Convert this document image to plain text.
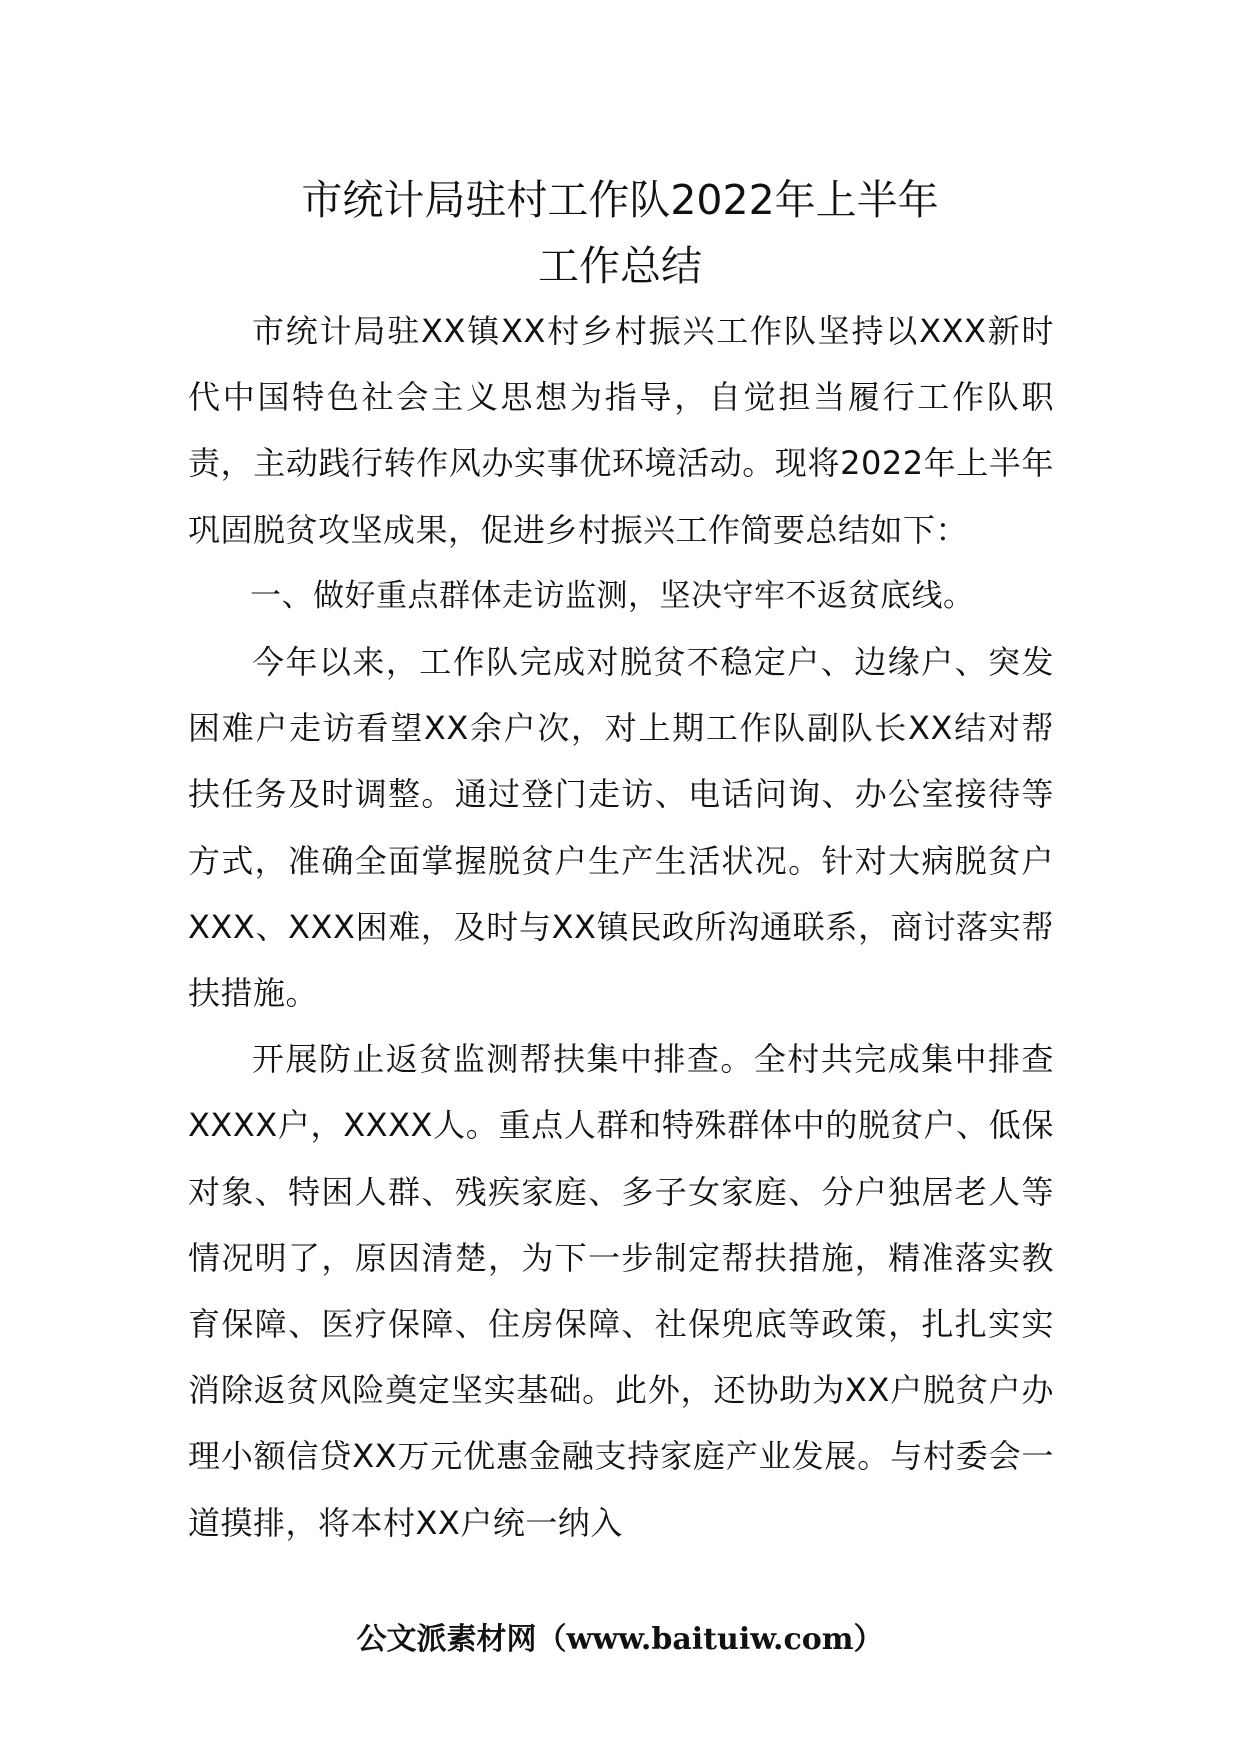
市统计局驻村工作队2022年上半年
工作总结

市统计局驻XX镇XX村乡村振兴工作队坚持以XXX新时代中国特色社会主义思想为指导，自觉担当履行工作队职责，主动践行转作风办实事优环境活动。现将2022年上半年巩固脱贫攻坚成果，促进乡村振兴工作简要总结如下：

一、做好重点群体走访监测，坚决守牢不返贫底线。

今年以来，工作队完成对脱贫不稳定户、边缘户、突发困难户走访看望XX余户次，对上期工作队副队长XX结对帮扶任务及时调整。通过登门走访、电话问询、办公室接待等方式，准确全面掌握脱贫户生产生活状况。针对大病脱贫户XXX、XXX困难，及时与XX镇民政所沟通联系，商讨落实帮扶措施。

开展防止返贫监测帮扶集中排查。全村共完成集中排查XXXX户，XXXX人。重点人群和特殊群体中的脱贫户、低保对象、特困人群、残疾家庭、多子女家庭、分户独居老人等情况明了，原因清楚，为下一步制定帮扶措施，精准落实教育保障、医疗保障、住房保障、社保兜底等政策，扎扎实实消除返贫风险奠定坚实基础。此外，还协助为XX户脱贫户办理小额信贷XX万元优惠金融支持家庭产业发展。与村委会一道摸排，将本村XX户统一纳入

公文派素材网（www.baituiw.com）
